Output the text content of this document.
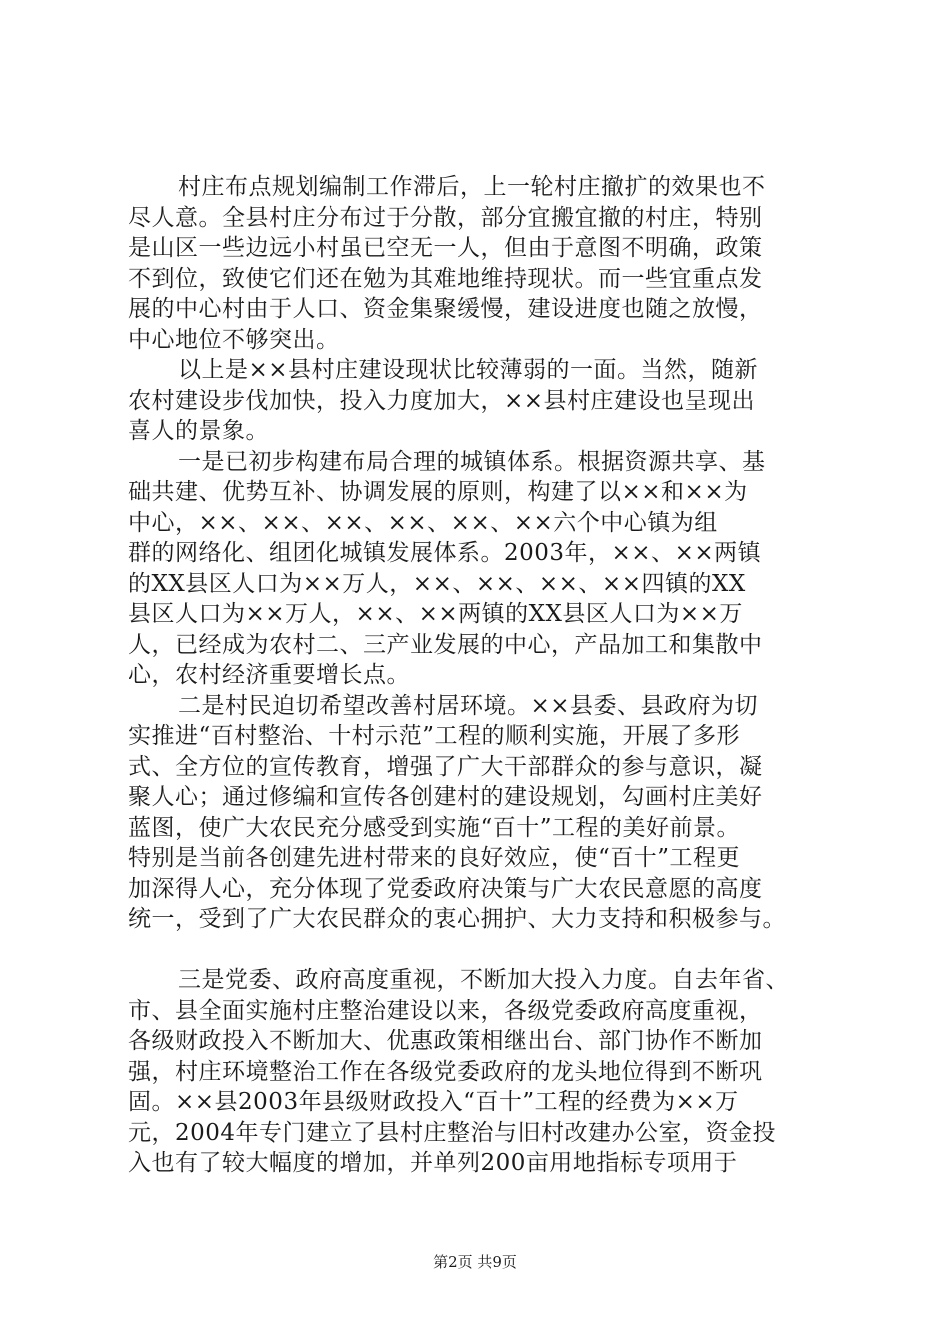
村庄布点规划编制工作滞后，上一轮村庄撤扩的效果也不
尽人意。全县村庄分布过于分散，部分宜搬宜撤的村庄，特别
是山区一些边远小村虽已空无一人，但由于意图不明确，政策
不到位，致使它们还在勉为其难地维持现状。而一些宜重点发
展的中心村由于人口、资金集聚缓慢，建设进度也随之放慢，
中心地位不够突出。
以上是××县村庄建设现状比较薄弱的一面。当然，随新
农村建设步伐加快，投入力度加大，××县村庄建设也呈现出
喜人的景象。
一是已初步构建布局合理的城镇体系。根据资源共享、基
础共建、优势互补、协调发展的原则，构建了以××和××为
中心，××、××、××、××、××、××六个中心镇为组
群的网络化、组团化城镇发展体系。2003年，××、××两镇
的XX县区人口为××万人，××、××、××、××四镇的XX
县区人口为××万人，××、××两镇的XX县区人口为××万
人，已经成为农村二、三产业发展的中心，产品加工和集散中
心，农村经济重要增长点。
二是村民迫切希望改善村居环境。××县委、县政府为切
实推进“百村整治、十村示范”工程的顺利实施，开展了多形
式、全方位的宣传教育，增强了广大干部群众的参与意识，凝
聚人心；通过修编和宣传各创建村的建设规划，勾画村庄美好
蓝图，使广大农民充分感受到实施“百十”工程的美好前景。
特别是当前各创建先进村带来的良好效应，使“百十”工程更
加深得人心，充分体现了党委政府决策与广大农民意愿的高度
统一，受到了广大农民群众的衷心拥护、大力支持和积极参与。
三是党委、政府高度重视，不断加大投入力度。自去年省、
市、县全面实施村庄整治建设以来，各级党委政府高度重视，
各级财政投入不断加大、优惠政策相继出台、部门协作不断加
强，村庄环境整治工作在各级党委政府的龙头地位得到不断巩
固。××县2003年县级财政投入“百十”工程的经费为××万
元，2004年专门建立了县村庄整治与旧村改建办公室，资金投
入也有了较大幅度的增加，并单列200亩用地指标专项用于
第2页 共9页
